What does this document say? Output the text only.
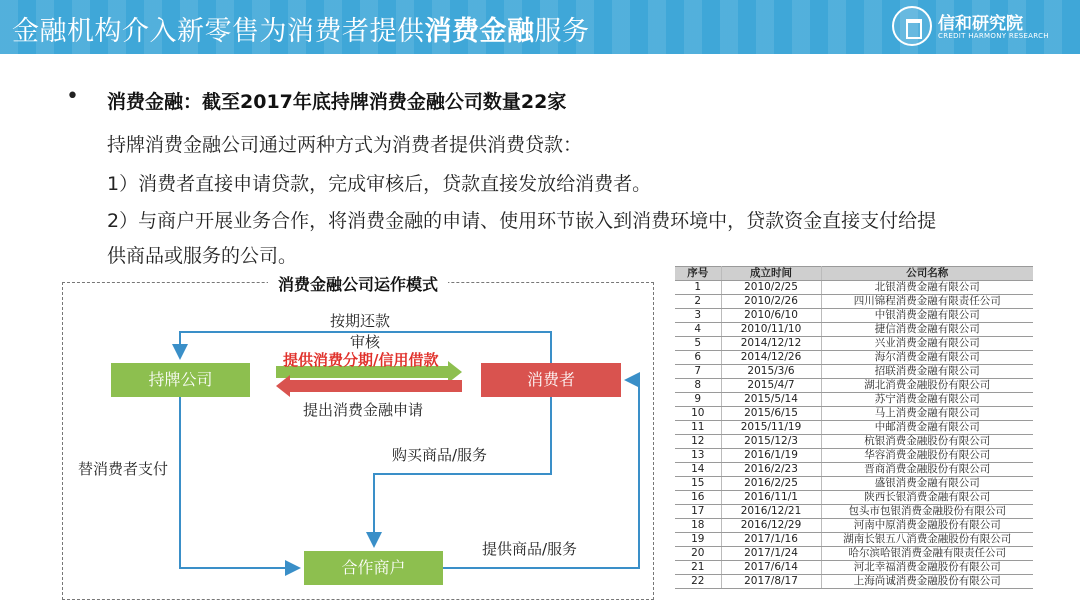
金融机构介入新零售为消费者提供消费金融服务	信和研究院
CREDIT HARMONY RESEARCH
• 消费金融：截至2017年底持牌消费金融公司数量22家
持牌消费金融公司通过两种方式为消费者提供消费贷款：
1）消费者直接申请贷款，完成审核后，贷款直接发放给消费者。
2）与商户开展业务合作，将消费金融的申请、使用环节嵌入到消费环境中，贷款资金直接支付给提
供商品或服务的公司。
消费金融公司运作模式
持牌公司	消费者
合作商户
按期还款
审核
提供消费分期/信用借款
提出消费金融申请
替消费者支付
购买商品/服务
提供商品/服务
序号	成立时间	公司名称
1	2010/2/25	北银消费金融有限公司
2	2010/2/26	四川锦程消费金融有限责任公司
3	2010/6/10	中银消费金融有限公司
4	2010/11/10	捷信消费金融有限公司
5	2014/12/12	兴业消费金融有限公司
6	2014/12/26	海尔消费金融有限公司
7	2015/3/6	招联消费金融有限公司
8	2015/4/7	湖北消费金融股份有限公司
9	2015/5/14	苏宁消费金融有限公司
10	2015/6/15	马上消费金融有限公司
11	2015/11/19	中邮消费金融有限公司
12	2015/12/3	杭银消费金融股份有限公司
13	2016/1/19	华容消费金融股份有限公司
14	2016/2/23	晋商消费金融股份有限公司
15	2016/2/25	盛银消费金融有限公司
16	2016/11/1	陕西长银消费金融有限公司
17	2016/12/21	包头市包银消费金融股份有限公司
18	2016/12/29	河南中原消费金融股份有限公司
19	2017/1/16	湖南长银五八消费金融股份有限公司
20	2017/1/24	哈尔滨哈银消费金融有限责任公司
21	2017/6/14	河北幸福消费金融股份有限公司
22	2017/8/17	上海尚诚消费金融股份有限公司
